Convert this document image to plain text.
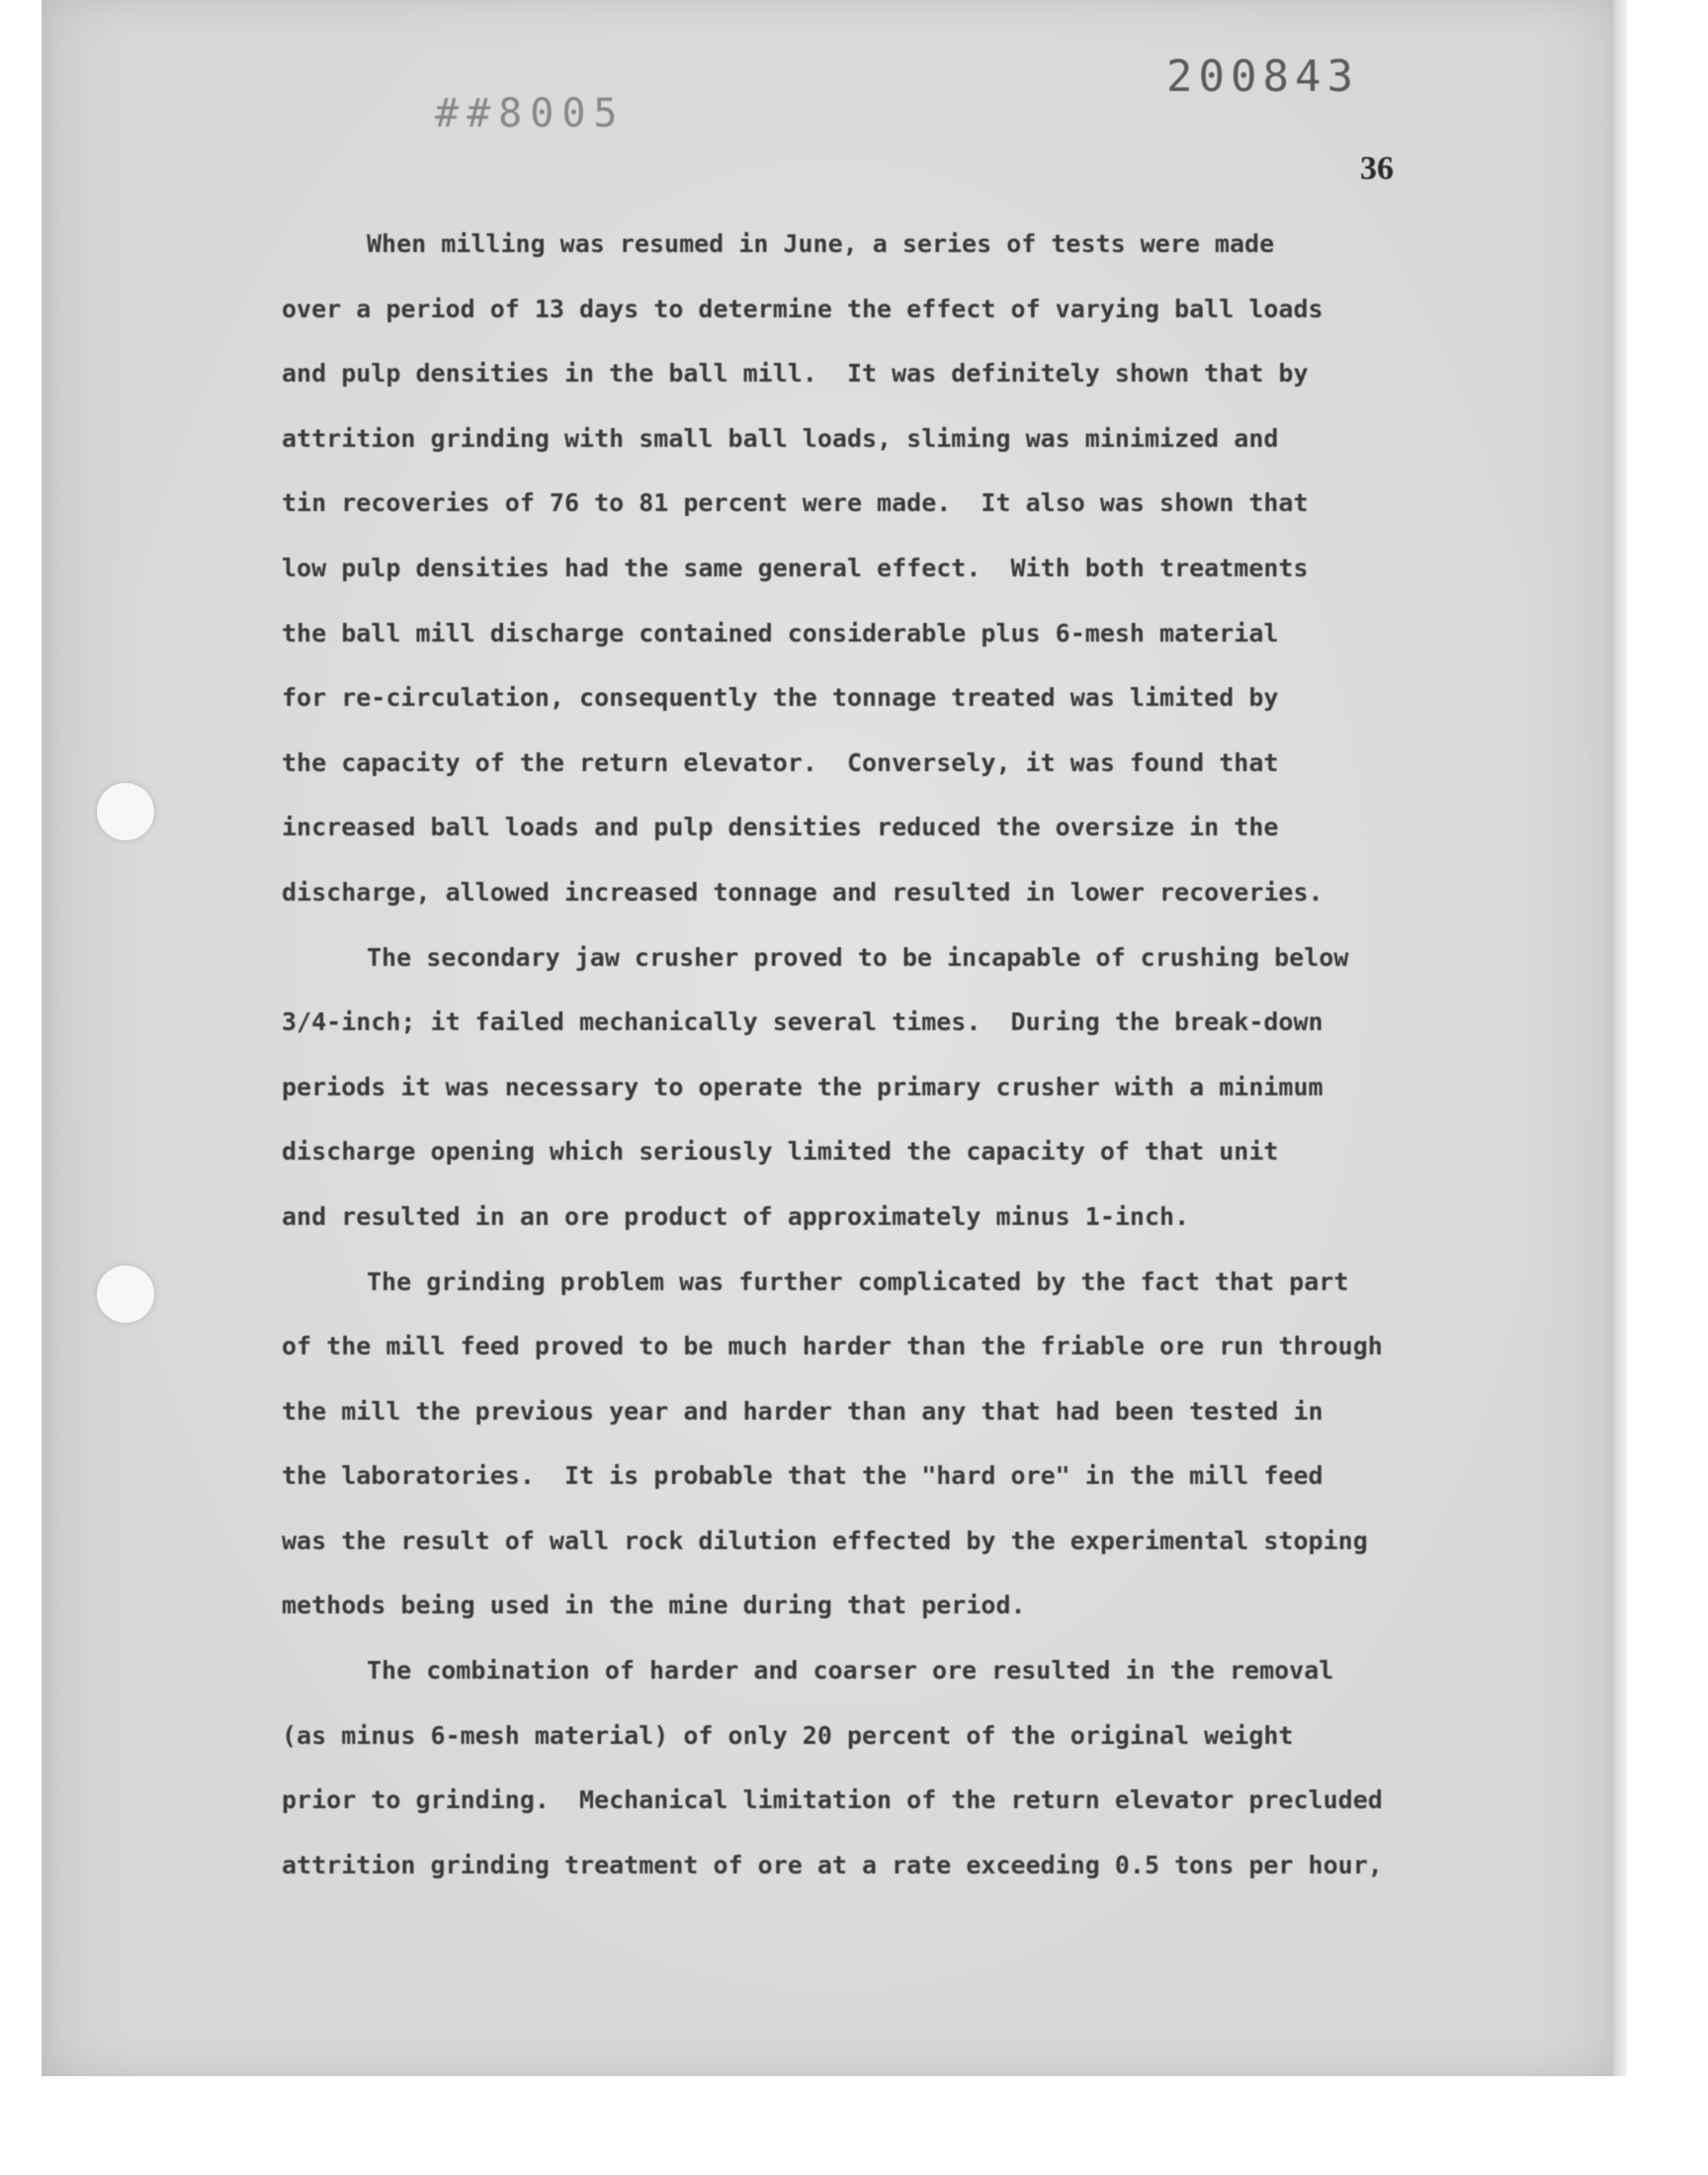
##8005
200843
36
When milling was resumed in June, a series of tests were made
over a period of 13 days to determine the effect of varying ball loads
and pulp densities in the ball mill.  It was definitely shown that by
attrition grinding with small ball loads, sliming was minimized and
tin recoveries of 76 to 81 percent were made.  It also was shown that
low pulp densities had the same general effect.  With both treatments
the ball mill discharge contained considerable plus 6-mesh material
for re-circulation, consequently the tonnage treated was limited by
the capacity of the return elevator.  Conversely, it was found that
increased ball loads and pulp densities reduced the oversize in the
discharge, allowed increased tonnage and resulted in lower recoveries.
The secondary jaw crusher proved to be incapable of crushing below
3/4-inch; it failed mechanically several times.  During the break-down
periods it was necessary to operate the primary crusher with a minimum
discharge opening which seriously limited the capacity of that unit
and resulted in an ore product of approximately minus 1-inch.
The grinding problem was further complicated by the fact that part
of the mill feed proved to be much harder than the friable ore run through
the mill the previous year and harder than any that had been tested in
the laboratories.  It is probable that the "hard ore" in the mill feed
was the result of wall rock dilution effected by the experimental stoping
methods being used in the mine during that period.
The combination of harder and coarser ore resulted in the removal
(as minus 6-mesh material) of only 20 percent of the original weight
prior to grinding.  Mechanical limitation of the return elevator precluded
attrition grinding treatment of ore at a rate exceeding 0.5 tons per hour,
